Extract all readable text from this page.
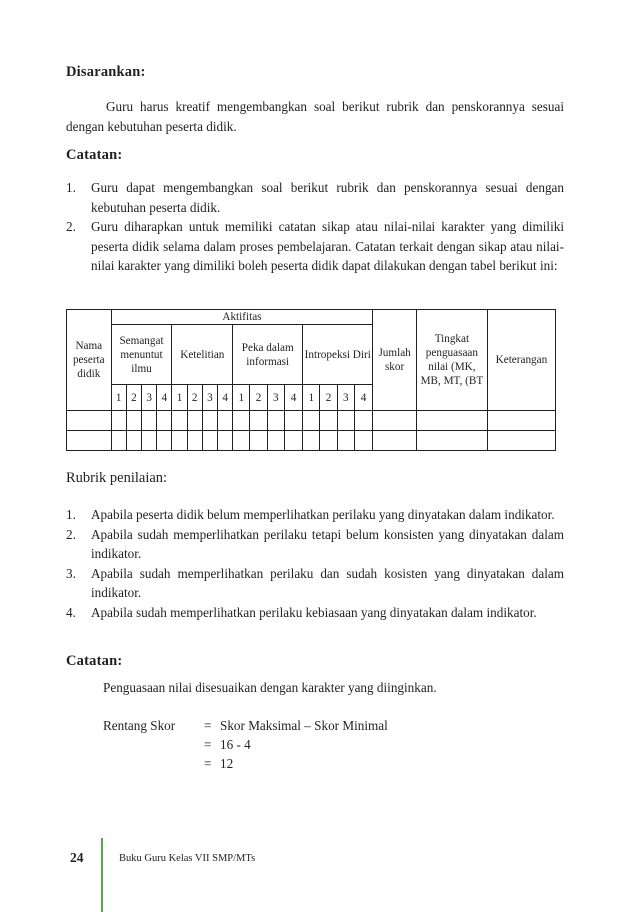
Disarankan:
Guru harus kreatif mengembangkan soal berikut rubrik dan penskorannya sesuai dengan kebutuhan peserta didik.
Catatan:
1. Guru dapat mengembangkan soal berikut rubrik dan penskorannya sesuai dengan kebutuhan peserta didik.
2. Guru diharapkan untuk memiliki catatan sikap atau nilai-nilai karakter yang dimiliki peserta didik selama dalam proses pembelajaran. Catatan terkait dengan sikap atau nilai-nilai karakter yang dimiliki boleh peserta didik dapat dilakukan dengan tabel berikut ini:
Nama peserta didik	Aktifitas																Jumlah skor	Tingkat penguasaan nilai (MK, MB, MT, (BT	Keterangan
	Semangat menuntut ilmu				Ketelitian				Peka dalam informasi				Intropeksi Diri						
	1	2	3	4	1	2	3	4	1	2	3	4	1	2	3	4			

Rubrik penilaian:
1. Apabila peserta didik belum memperlihatkan perilaku yang dinyatakan dalam indikator.
2. Apabila sudah memperlihatkan perilaku tetapi belum konsisten yang dinyatakan dalam indikator.
3. Apabila sudah memperlihatkan perilaku dan sudah kosisten yang dinyatakan dalam indikator.
4. Apabila sudah memperlihatkan perilaku kebiasaan yang dinyatakan dalam indikator.
Catatan:
Penguasaan nilai disesuaikan dengan karakter yang diinginkan.
Rentang Skor = Skor Maksimal – Skor Minimal
= 16 - 4
= 12
24	Buku Guru Kelas VII SMP/MTs
